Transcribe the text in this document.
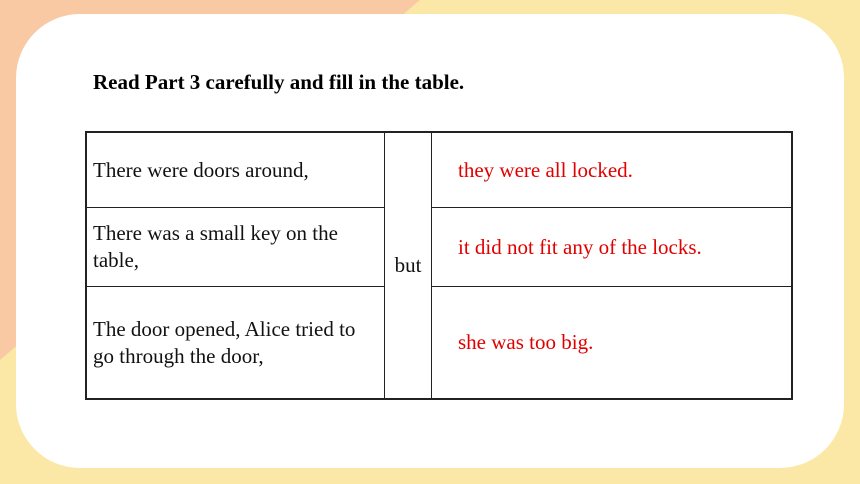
Read Part 3 carefully and fill in the table.
There were doors around,	but	they were all locked.
There was a small key on the table,		it did not fit any of the locks.
The door opened, Alice tried to go through the door,		she was too big.
